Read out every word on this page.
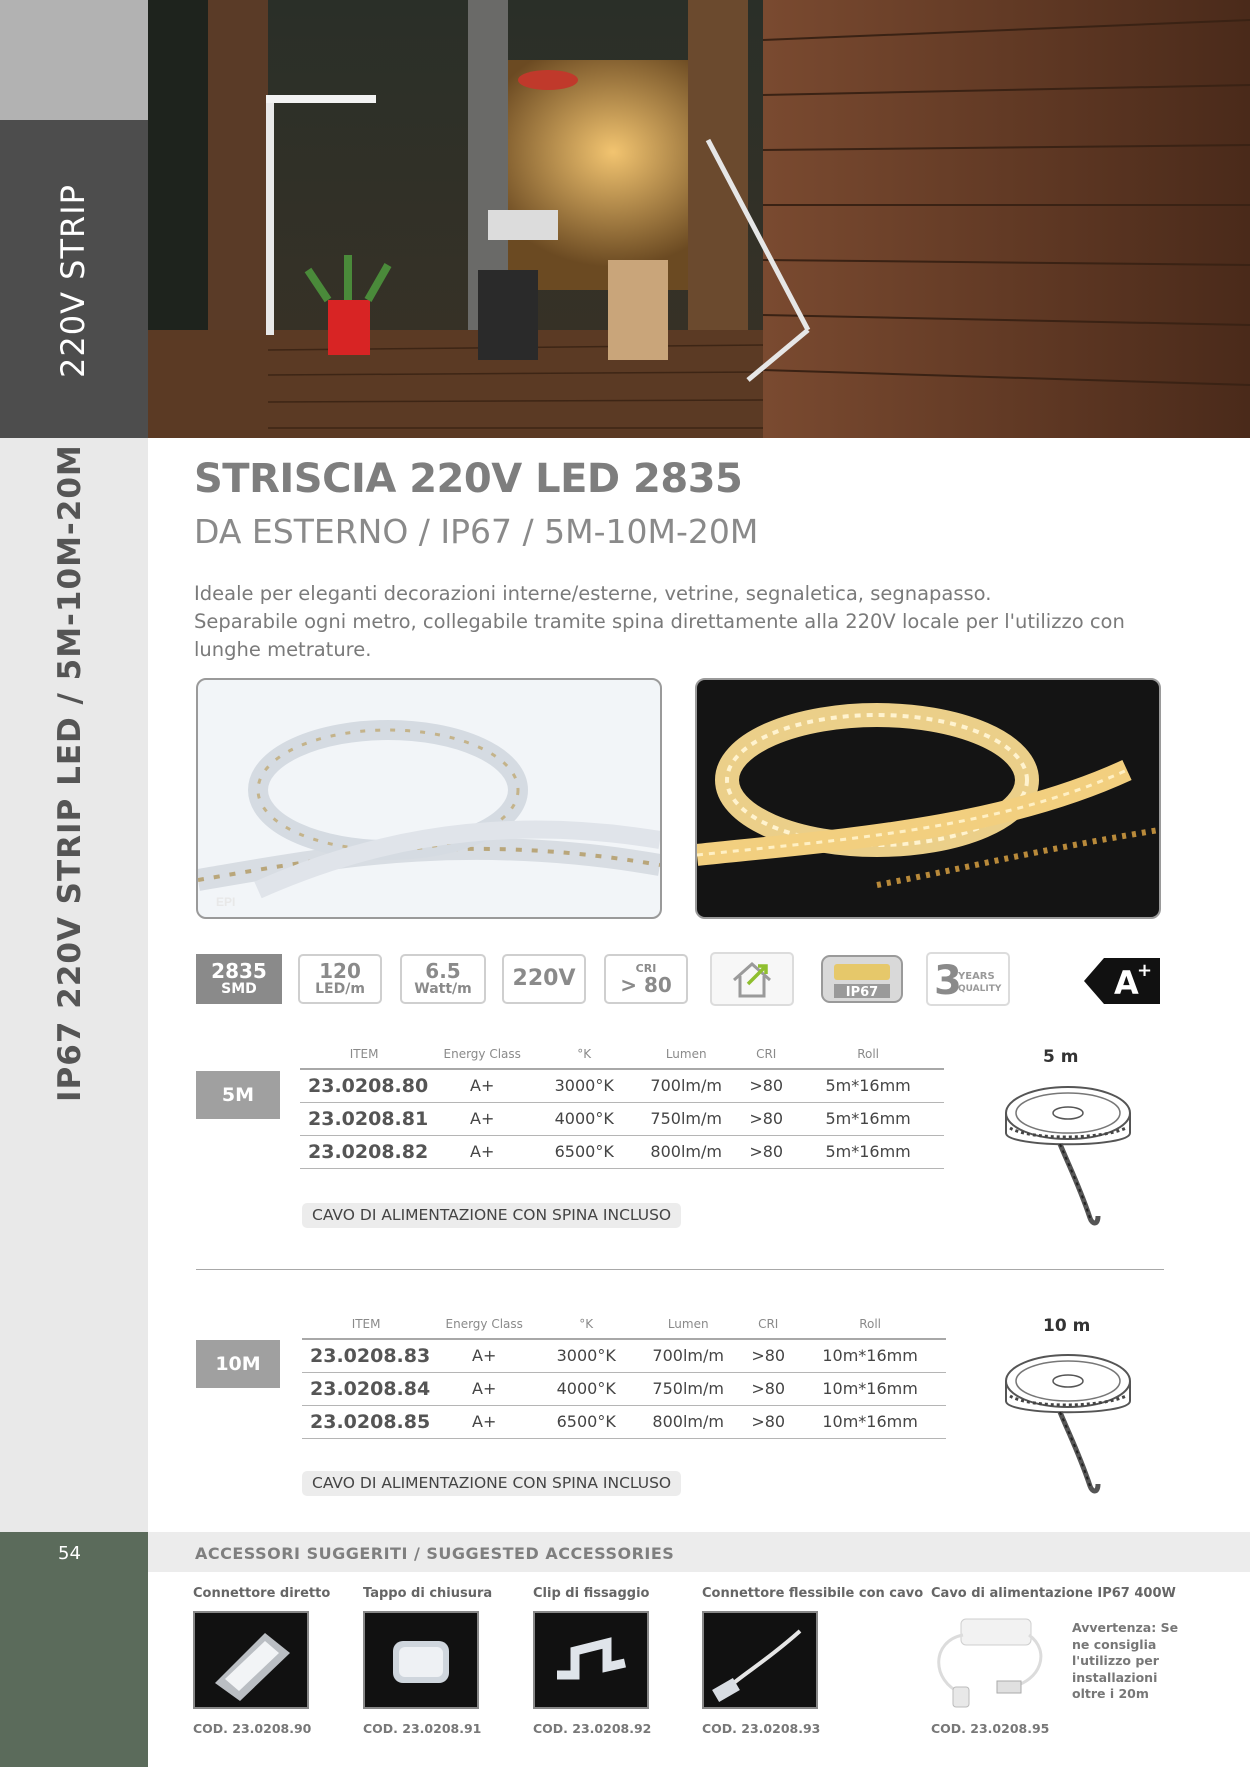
220V STRIP
IP67 220V STRIP LED / 5M-10M-20M
54
STRISCIA 220V LED 2835
DA ESTERNO / IP67 / 5M-10M-20M
Ideale per eleganti decorazioni interne/esterne, vetrine, segnaletica, segnapasso.
Separabile ogni metro, collegabile tramite spina direttamente alla 220V locale per l'utilizzo con lunghe metrature.
EPI
2835
SMD
120
LED/m
6.5
Watt/m 220V	CRI
> 80	IP67 3
YEARS
QUALITY	A
+
5M
ITEM	Energy Class	°K	Lumen	CRI	Roll
23.0208.80	A+	3000°K	700lm/m	>80	5m*16mm
23.0208.81	A+	4000°K	750lm/m	>80	5m*16mm
23.0208.82	A+	6500°K	800lm/m	>80	5m*16mm
CAVO DI ALIMENTAZIONE CON SPINA INCLUSO
5 m
10M
ITEM	Energy Class	°K	Lumen	CRI	Roll
23.0208.83	A+	3000°K	700lm/m	>80	10m*16mm
23.0208.84	A+	4000°K	750lm/m	>80	10m*16mm
23.0208.85	A+	6500°K	800lm/m	>80	10m*16mm
CAVO DI ALIMENTAZIONE CON SPINA INCLUSO
10 m
ACCESSORI SUGGERITI / SUGGESTED ACCESSORIES
Connettore diretto
COD. 23.0208.90
Tappo di chiusura
COD. 23.0208.91
Clip di fissaggio
COD. 23.0208.92
Connettore flessibile con cavo
COD. 23.0208.93
Cavo di alimentazione IP67 400W
Avvertenza: Se ne consiglia l'utilizzo per installazioni oltre i 20m
COD. 23.0208.95
